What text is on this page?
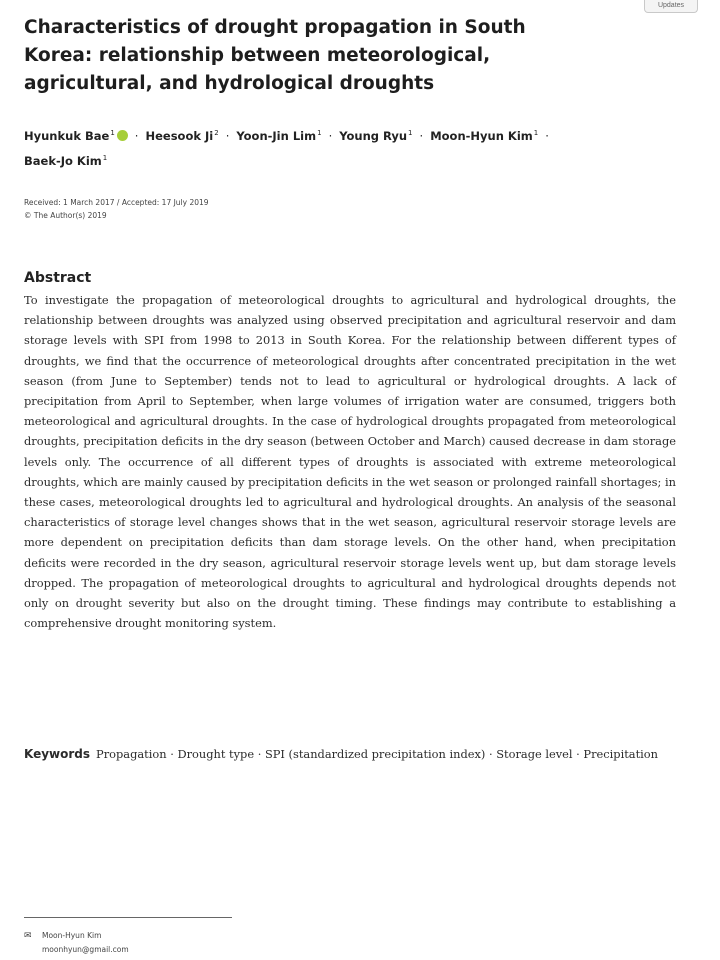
Updates
Characteristics of drought propagation in South Korea: relationship between meteorological, agricultural, and hydrological droughts
Hyunkuk Bae$^1$ · Heesook $Ji^2$ · Yoon-Jin Lim$^1$ · Young Ryu$^1$ · Moon-Hyun Kim$^1$ ·
Baek-Jo Kim$^1$
Received: 1 March 2017 / Accepted: 17 July 2019
© The Author(s) 2019
Abstract

To investigate the propagation of meteorological droughts to agricultural and hydrological droughts, the relationship between droughts was analyzed using observed precipitation and agricultural reservoir and dam storage levels with SPI from 1998 to 2013 in South Korea. For the relationship between different types of droughts, we find that the occurrence of meteorological droughts after concentrated precipitation in the wet season (from June to September) tends not to lead to agricultural or hydrological droughts. A lack of precipitation from April to September, when large volumes of irrigation water are consumed, triggers both meteorological and agricultural droughts. In the case of hydrological droughts propagated from meteorological droughts, precipitation deficits in the dry season (between October and March) caused decrease in dam storage levels only. The occurrence of all different types of droughts is associated with extreme meteorological droughts, which are mainly caused by precipitation deficits in the wet season or prolonged rainfall shortages; in these cases, meteorological droughts led to agricultural and hydrological droughts. An analysis of the seasonal characteristics of storage level changes shows that in the wet season, agricultural reservoir storage levels are more dependent on precipitation deficits than dam storage levels. On the other hand, when precipitation deficits were recorded in the dry season, agricultural reservoir storage levels went up, but dam storage levels dropped. The propagation of meteorological droughts to agricultural and hydrological droughts depends not only on drought severity but also on the drought timing. These findings may contribute to establishing a comprehensive drought monitoring system.

Keywords Propagation · Drought type · SPI (standardized precipitation index) · Storage level · Precipitation

✉ Moon-Hyun Kim
moonhyun@gmail.com
